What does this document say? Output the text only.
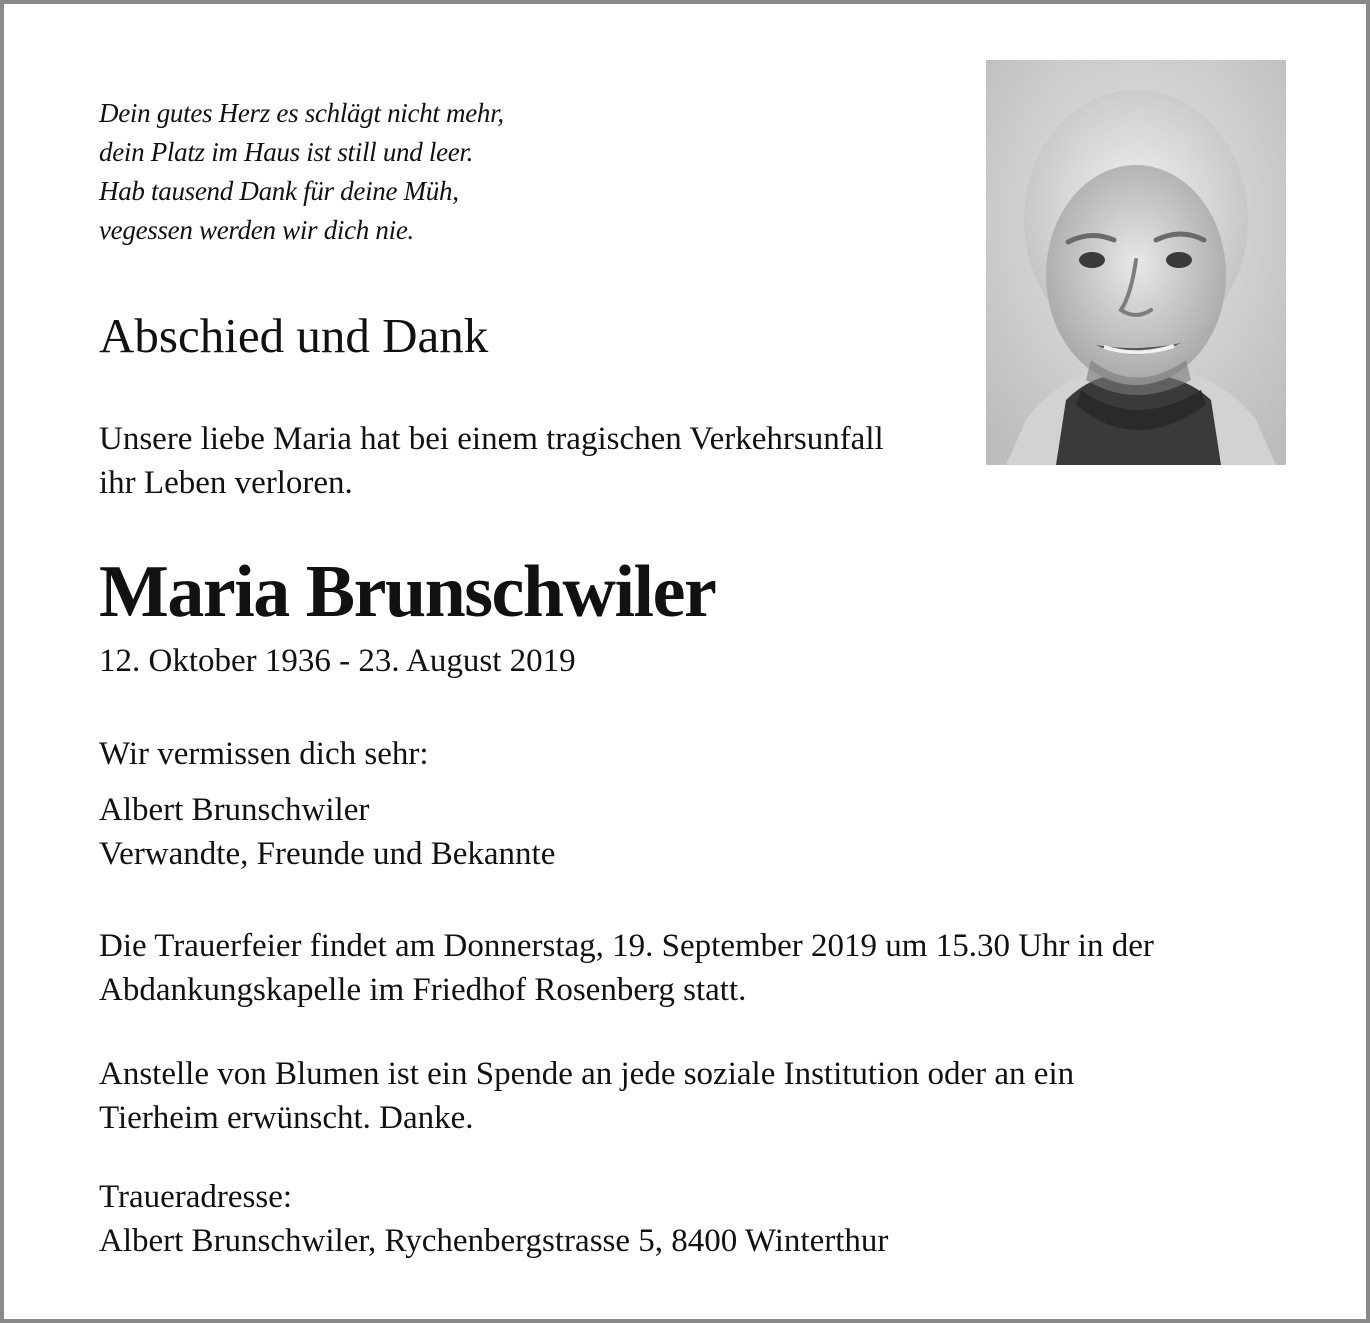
Dein gutes Herz es schlägt nicht mehr,
dein Platz im Haus ist still und leer.
Hab tausend Dank für deine Müh,
vegessen werden wir dich nie.
Abschied und Dank
Unsere liebe Maria hat bei einem tragischen Verkehrsunfall
ihr Leben verloren.
Maria Brunschwiler
12. Oktober 1936 - 23. August 2019
Wir vermissen dich sehr:
Albert Brunschwiler
Verwandte, Freunde und Bekannte
Die Trauerfeier findet am Donnerstag, 19. September 2019 um 15.30 Uhr in der
Abdankungskapelle im Friedhof Rosenberg statt.
Anstelle von Blumen ist ein Spende an jede soziale Institution oder an ein
Tierheim erwünscht. Danke.
Traueradresse:
Albert Brunschwiler, Rychenbergstrasse 5, 8400 Winterthur
